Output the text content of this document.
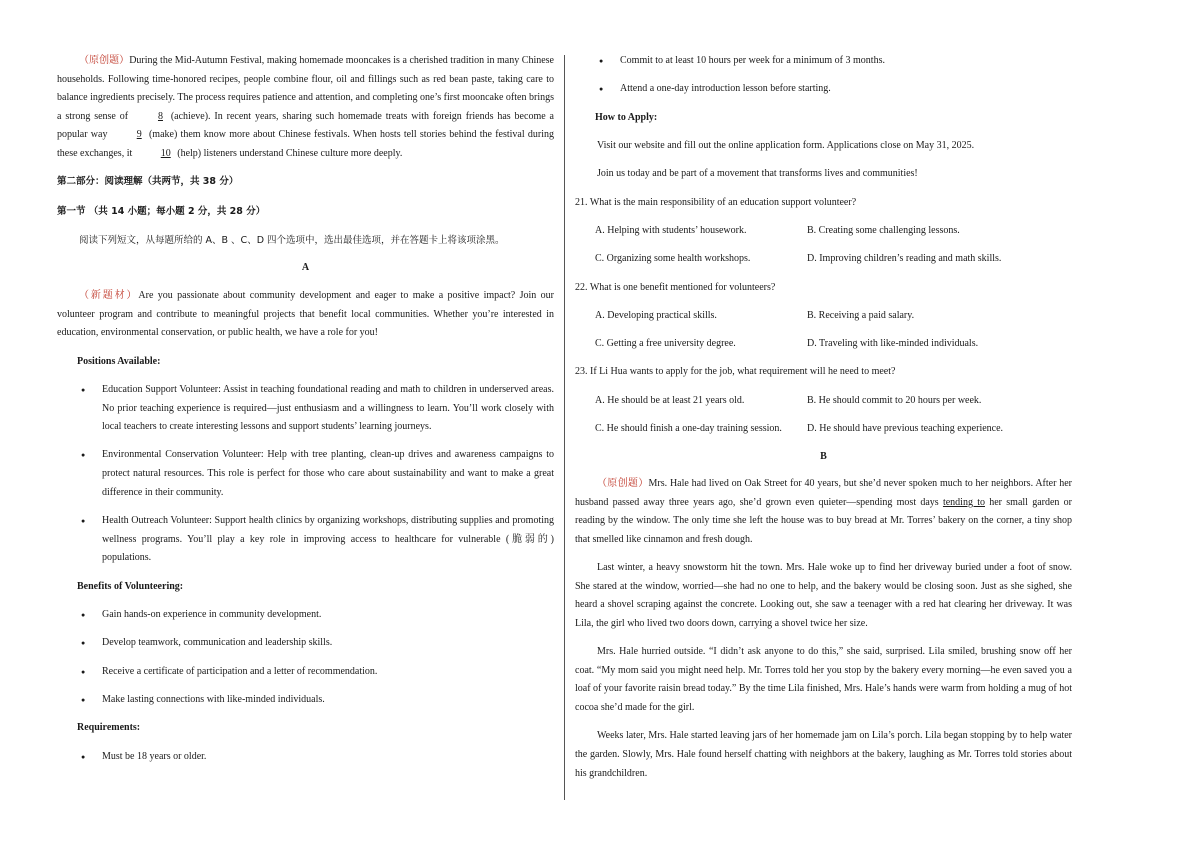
（原创题）During the Mid-Autumn Festival, making homemade mooncakes is a cherished tradition in many Chinese households. Following time-honored recipes, people combine flour, oil and fillings such as red bean paste, taking care to balance ingredients precisely. The process requires patience and attention, and completing one’s first mooncake often brings a strong sense of	8 (achieve). In recent years, sharing such homemade treats with foreign friends has become a popular way	9 (make) them know more about Chinese festivals. When hosts tell stories behind the festival during these exchanges, it	10 (help) listeners understand Chinese culture more deeply.

第二部分：阅读理解（共两节，共 38 分）

第一节 （共 14 小题；每小题 2 分，共 28 分）

阅读下列短文，从每题所给的 A、B 、C、D 四个选项中，选出最佳选项，并在答题卡上将该项涂黑。

A

（新题材）Are you passionate about community development and eager to make a positive impact? Join our volunteer program and contribute to meaningful projects that benefit local communities. Whether you’re interested in education, environmental conservation, or public health, we have a role for you!

Positions Available:

● Education Support Volunteer: Assist in teaching foundational reading and math to children in underserved areas. No prior teaching experience is required—just enthusiasm and a willingness to learn. You’ll work closely with local teachers to create interesting lessons and support students’ learning journeys.
● Environmental Conservation Volunteer: Help with tree planting, clean-up drives and awareness campaigns to protect natural resources. This role is perfect for those who care about sustainability and want to make a great difference in their community.
● Health Outreach Volunteer: Support health clinics by organizing workshops, distributing supplies and promoting wellness programs. You’ll play a key role in improving access to healthcare for vulnerable (脆弱的) populations.

Benefits of Volunteering:

● Gain hands-on experience in community development.
● Develop teamwork, communication and leadership skills.
● Receive a certificate of participation and a letter of recommendation.
● Make lasting connections with like-minded individuals.

Requirements:

● Must be 18 years or older.
● Commit to at least 10 hours per week for a minimum of 3 months.
● Attend a one-day introduction lesson before starting.

How to Apply:

Visit our website and fill out the online application form. Applications close on May 31, 2025.

Join us today and be part of a movement that transforms lives and communities!

21. What is the main responsibility of an education support volunteer?

A. Helping with students’ housework.	B. Creating some challenging lessons.
C. Organizing some health workshops.	D. Improving children’s reading and math skills.

22. What is one benefit mentioned for volunteers?

A. Developing practical skills.	B. Receiving a paid salary.
C. Getting a free university degree.	D. Traveling with like-minded individuals.

23. If Li Hua wants to apply for the job, what requirement will he need to meet?

A. He should be at least 21 years old.	B. He should commit to 20 hours per week.
C. He should finish a one-day training session.	D. He should have previous teaching experience.

B

（原创题）Mrs. Hale had lived on Oak Street for 40 years, but she’d never spoken much to her neighbors. After her husband passed away three years ago, she’d grown even quieter—spending most days tending to her small garden or reading by the window. The only time she left the house was to buy bread at Mr. Torres’ bakery on the corner, a tiny shop that smelled like cinnamon and fresh dough.

Last winter, a heavy snowstorm hit the town. Mrs. Hale woke up to find her driveway buried under a foot of snow. She stared at the window, worried—she had no one to help, and the bakery would be closing soon. Just as she sighed, she heard a shovel scraping against the concrete. Looking out, she saw a teenager with a red hat clearing her driveway. It was Lila, the girl who lived two doors down, carrying a shovel twice her size.

Mrs. Hale hurried outside. “I didn’t ask anyone to do this,” she said, surprised. Lila smiled, brushing snow off her coat. “My mom said you might need help. Mr. Torres told her you stop by the bakery every morning—he even saved you a loaf of your favorite raisin bread today.” By the time Lila finished, Mrs. Hale’s hands were warm from holding a mug of hot cocoa she’d made for the girl.

Weeks later, Mrs. Hale started leaving jars of her homemade jam on Lila’s porch. Lila began stopping by to help water the garden. Slowly, Mrs. Hale found herself chatting with neighbors at the bakery, laughing as Mr. Torres told stories about his grandchildren.
